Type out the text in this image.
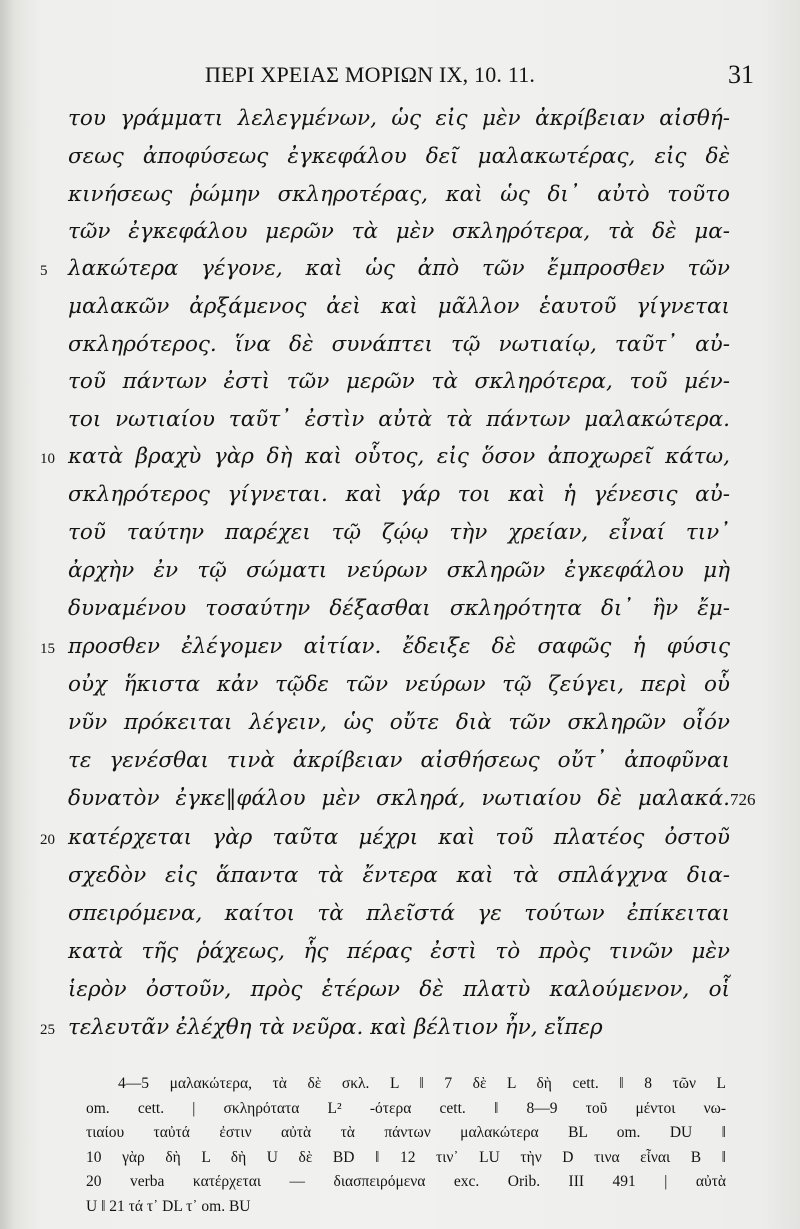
ΠΕΡΙ ΧΡΕΙΑΣ ΜΟΡΙΩΝ IX, 10. 11.	31
του γράμματι λελεγμένων, ὡς εἰς μὲν ἀκρίβειαν αἰσθή-
σεως ἀποφύσεως ἐγκεφάλου δεῖ μαλακωτέρας, εἰς δὲ
κινήσεως ῥώμην σκληροτέρας, καὶ ὡς δι᾽ αὐτὸ τοῦτο
τῶν ἐγκεφάλου μερῶν τὰ μὲν σκληρότερα, τὰ δὲ μα-
5 λακώτερα γέγονε, καὶ ὡς ἀπὸ τῶν ἔμπροσθεν τῶν
μαλακῶν ἀρξάμενος ἀεὶ καὶ μᾶλλον ἑαυτοῦ γίγνεται
σκληρότερος. ἵνα δὲ συνάπτει τῷ νωτιαίῳ, ταῦτ᾽ αὐ-
τοῦ πάντων ἐστὶ τῶν μερῶν τὰ σκληρότερα, τοῦ μέν-
τοι νωτιαίου ταῦτ᾽ ἐστὶν αὐτὰ τὰ πάντων μαλακώτερα.
10 κατὰ βραχὺ γὰρ δὴ καὶ οὗτος, εἰς ὅσον ἀποχωρεῖ κάτω,
σκληρότερος γίγνεται. καὶ γάρ τοι καὶ ἡ γένεσις αὐ-
τοῦ ταύτην παρέχει τῷ ζῴῳ τὴν χρείαν, εἶναί τιν᾽
ἀρχὴν ἐν τῷ σώματι νεύρων σκληρῶν ἐγκεφάλου μὴ
δυναμένου τοσαύτην δέξασθαι σκληρότητα δι᾽ ἣν ἔμ-
15 προσθεν ἐλέγομεν αἰτίαν. ἔδειξε δὲ σαφῶς ἡ φύσις
οὐχ ἥκιστα κἀν τῷδε τῶν νεύρων τῷ ζεύγει, περὶ οὗ
νῦν πρόκειται λέγειν, ὡς οὔτε διὰ τῶν σκληρῶν οἷόν
τε γενέσθαι τινὰ ἀκρίβειαν αἰσθήσεως οὔτ᾽ ἀποφῦναι
δυνατὸν ἐγκε‖φάλου μὲν σκληρά, νωτιαίου δὲ μαλακά. 726
20 κατέρχεται γὰρ ταῦτα μέχρι καὶ τοῦ πλατέος ὀστοῦ
σχεδὸν εἰς ἅπαντα τὰ ἔντερα καὶ τὰ σπλάγχνα δια-
σπειρόμενα, καίτοι τὰ πλεῖστά γε τούτων ἐπίκειται
κατὰ τῆς ῥάχεως, ἧς πέρας ἐστὶ τὸ πρὸς τινῶν μὲν
ἱερὸν ὀστοῦν, πρὸς ἑτέρων δὲ πλατὺ καλούμενον, οἷ
25 τελευτᾶν ἐλέχθη τὰ νεῦρα. καὶ βέλτιον ἦν, εἴπερ
4—5 μαλακώτερα, τὰ δὲ σκλ. L ‖ 7 δὲ L δὴ cett. ‖ 8 τῶν L
om. cett. | σκληρότατα L² -ότερα cett. ‖ 8—9 τοῦ μέντοι νω-
τιαίου ταὐτά ἐστιν αὐτὰ τὰ πάντων μαλακώτερα BL om. DU ‖
10 γὰρ δὴ L δὴ U δὲ BD ‖ 12 τιν᾽ LU τὴν D τινα εἶναι B ‖
20 verba κατέρχεται — διασπειρόμενα exc. Orib. III 491 | αὐτὰ
U ‖ 21 τά τ᾽ DL τ᾽ om. BU
